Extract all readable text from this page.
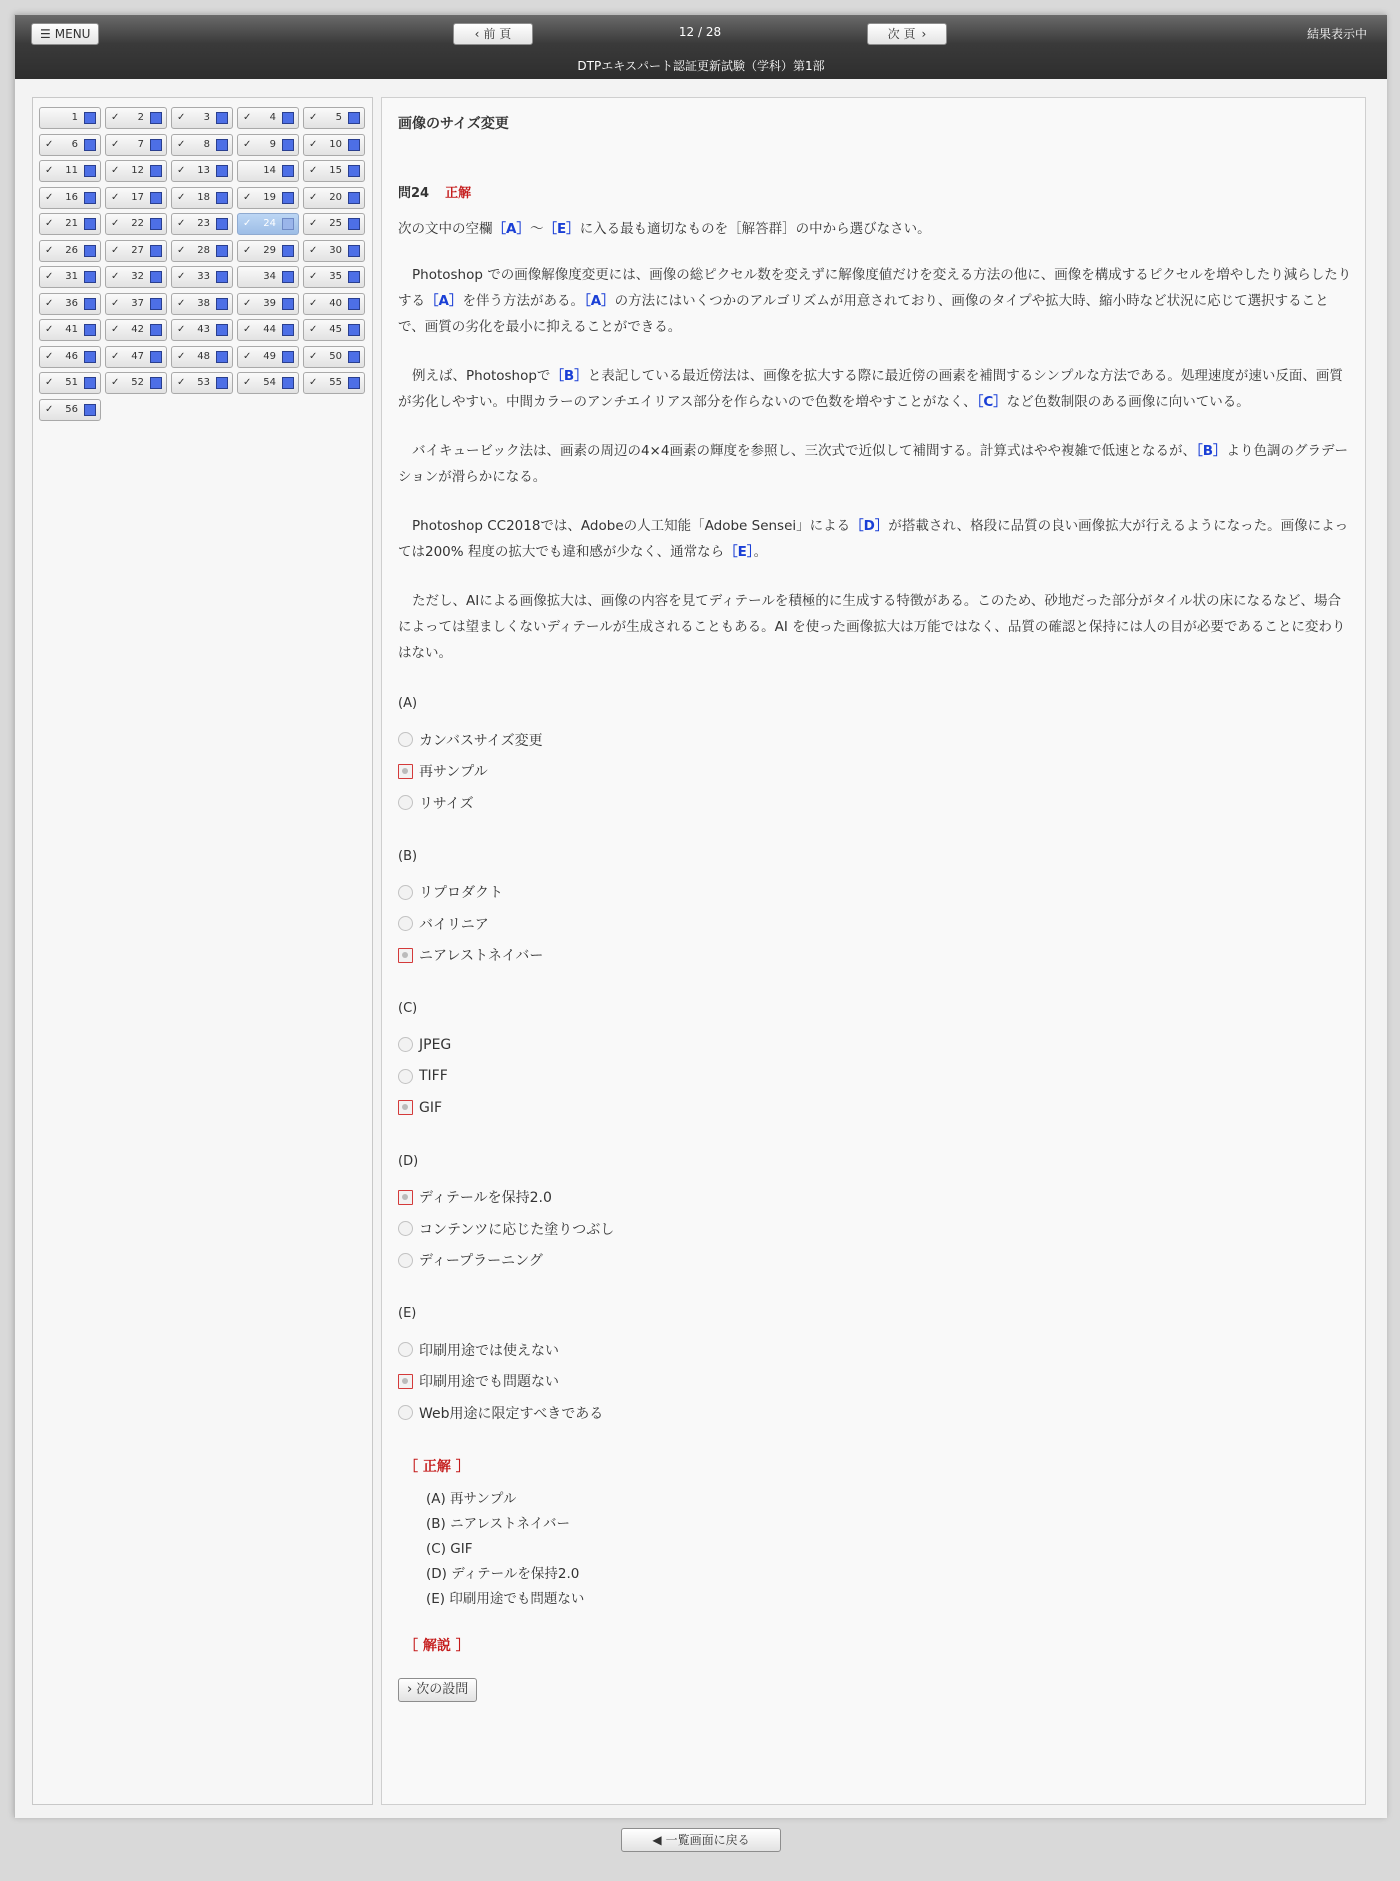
☰ MENU	‹ 前 頁	12 / 28	次 頁 ›	結果表示中
DTPエキスパート認証更新試験（学科）第1部
1	✓ 2	✓ 3	✓ 4	✓ 5
✓ 6	✓ 7	✓ 8	✓ 9	✓ 10
✓ 11	✓ 12	✓ 13	14	✓ 15
✓ 16	✓ 17	✓ 18	✓ 19	✓ 20
✓ 21	✓ 22	✓ 23	✓ 24	✓ 25
✓ 26	✓ 27	✓ 28	✓ 29	✓ 30
✓ 31	✓ 32	✓ 33	34	✓ 35
✓ 36	✓ 37	✓ 38	✓ 39	✓ 40
✓ 41	✓ 42	✓ 43	✓ 44	✓ 45
✓ 46	✓ 47	✓ 48	✓ 49	✓ 50
✓ 51	✓ 52	✓ 53	✓ 54	✓ 55
✓ 56
画像のサイズ変更
問24 正解
次の文中の空欄［A］〜［E］に入る最も適切なものを［解答群］の中から選びなさい。
Photoshop での画像解像度変更には、画像の総ピクセル数を変えずに解像度値だけを変える方法の他に、画像を構成するピクセルを増やしたり減らしたりする［A］を伴う方法がある。［A］の方法にはいくつかのアルゴリズムが用意されており、画像のタイプや拡大時、縮小時など状況に応じて選択することで、画質の劣化を最小に抑えることができる。
例えば、Photoshopで［B］と表記している最近傍法は、画像を拡大する際に最近傍の画素を補間するシンプルな方法である。処理速度が速い反面、画質が劣化しやすい。中間カラーのアンチエイリアス部分を作らないので色数を増やすことがなく、［C］など色数制限のある画像に向いている。
バイキュービック法は、画素の周辺の4×4画素の輝度を参照し、三次式で近似して補間する。計算式はやや複雑で低速となるが、［B］より色調のグラデーションが滑らかになる。
Photoshop CC2018では、Adobeの人工知能「Adobe Sensei」による［D］が搭載され、格段に品質の良い画像拡大が行えるようになった。画像によっては200% 程度の拡大でも違和感が少なく、通常なら［E］。
ただし、AIによる画像拡大は、画像の内容を見てディテールを積極的に生成する特徴がある。このため、砂地だった部分がタイル状の床になるなど、場合によっては望ましくないディテールが生成されることもある。AI を使った画像拡大は万能ではなく、品質の確認と保持には人の目が必要であることに変わりはない。
(A)
カンバスサイズ変更
再サンプル
リサイズ
(B)
リプロダクト
バイリニア
ニアレストネイバー
(C)
JPEG
TIFF
GIF
(D)
ディテールを保持2.0
コンテンツに応じた塗りつぶし
ディープラーニング
(E)
印刷用途では使えない
印刷用途でも問題ない
Web用途に限定すべきである
［ 正解 ］
(A) 再サンプル
(B) ニアレストネイバー
(C) GIF
(D) ディテールを保持2.0
(E) 印刷用途でも問題ない
［ 解説 ］
› 次の設問
◀ 一覧画面に戻る
